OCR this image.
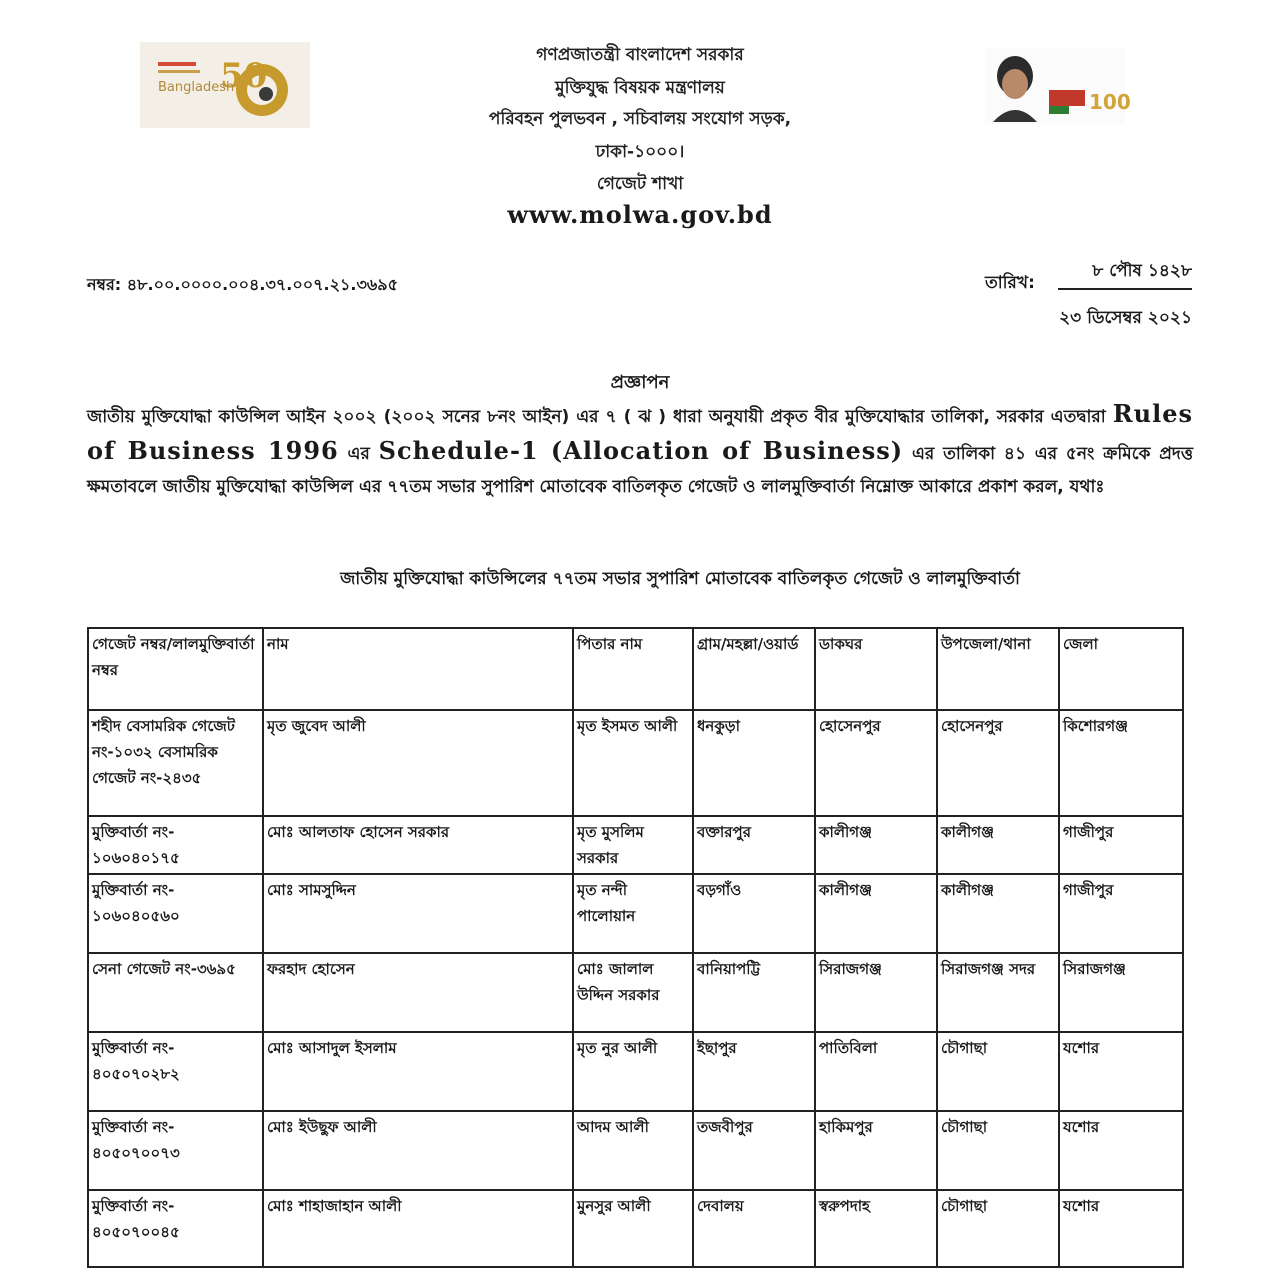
50
Bangladesh
100
গণপ্রজাতন্ত্রী বাংলাদেশ সরকার
মুক্তিযুদ্ধ বিষয়ক মন্ত্রণালয়
পরিবহন পুলভবন , সচিবালয় সংযোগ সড়ক,
ঢাকা-১০০০।
গেজেট শাখা
www.molwa.gov.bd
নম্বর: ৪৮.০০.০০০০.০০৪.৩৭.০০৭.২১.৩৬৯৫	তারিখ:
৮ পৌষ ১৪২৮
২৩ ডিসেম্বর ২০২১
প্রজ্ঞাপন
জাতীয় মুক্তিযোদ্ধা কাউন্সিল আইন ২০০২ (২০০২ সনের ৮নং আইন) এর ৭ ( ঝ ) ধারা অনুযায়ী প্রকৃত বীর মুক্তিযোদ্ধার তালিকা, সরকার এতদ্বারা Rules of Business 1996 এর Schedule-1 (Allocation of Business) এর তালিকা ৪১ এর ৫নং ক্রমিকে প্রদত্ত ক্ষমতাবলে জাতীয় মুক্তিযোদ্ধা কাউন্সিল এর ৭৭তম সভার সুপারিশ মোতাবেক বাতিলকৃত গেজেট ও লালমুক্তিবার্তা নিম্নোক্ত আকারে প্রকাশ করল, যথাঃ
জাতীয় মুক্তিযোদ্ধা কাউন্সিলের ৭৭তম সভার সুপারিশ মোতাবেক বাতিলকৃত গেজেট ও লালমুক্তিবার্তা
গেজেট নম্বর/লালমুক্তিবার্তা নম্বর	নাম	পিতার নাম	গ্রাম/মহল্লা/ওয়ার্ড	ডাকঘর	উপজেলা/থানা	জেলা
শহীদ বেসামরিক গেজেট নং-১০৩২ বেসামরিক গেজেট নং-২৪৩৫	মৃত জুবেদ আলী	মৃত ইসমত আলী	ধনকুড়া	হোসেনপুর	হোসেনপুর	কিশোরগঞ্জ
মুক্তিবার্তা নং- ১০৬০৪০১৭৫	মোঃ আলতাফ হোসেন সরকার	মৃত মুসলিম সরকার	বক্তারপুর	কালীগঞ্জ	কালীগঞ্জ	গাজীপুর
মুক্তিবার্তা নং- ১০৬০৪০৫৬০	মোঃ সামসুদ্দিন	মৃত নন্দী পালোয়ান	বড়গাঁও	কালীগঞ্জ	কালীগঞ্জ	গাজীপুর
সেনা গেজেট নং-৩৬৯৫	ফরহাদ হোসেন	মোঃ জালাল উদ্দিন সরকার	বানিয়াপট্টি	সিরাজগঞ্জ	সিরাজগঞ্জ সদর	সিরাজগঞ্জ
মুক্তিবার্তা নং- ৪০৫০৭০২৮২	মোঃ আসাদুল ইসলাম	মৃত নুর আলী	ইছাপুর	পাতিবিলা	চৌগাছা	যশোর
মুক্তিবার্তা নং- ৪০৫০৭০০৭৩	মোঃ ইউছুফ আলী	আদম আলী	তজবীপুর	হাকিমপুর	চৌগাছা	যশোর
মুক্তিবার্তা নং- ৪০৫০৭০০৪৫	মোঃ শাহাজাহান আলী	মুনসুর আলী	দেবালয়	স্বরুপদাহ	চৌগাছা	যশোর
